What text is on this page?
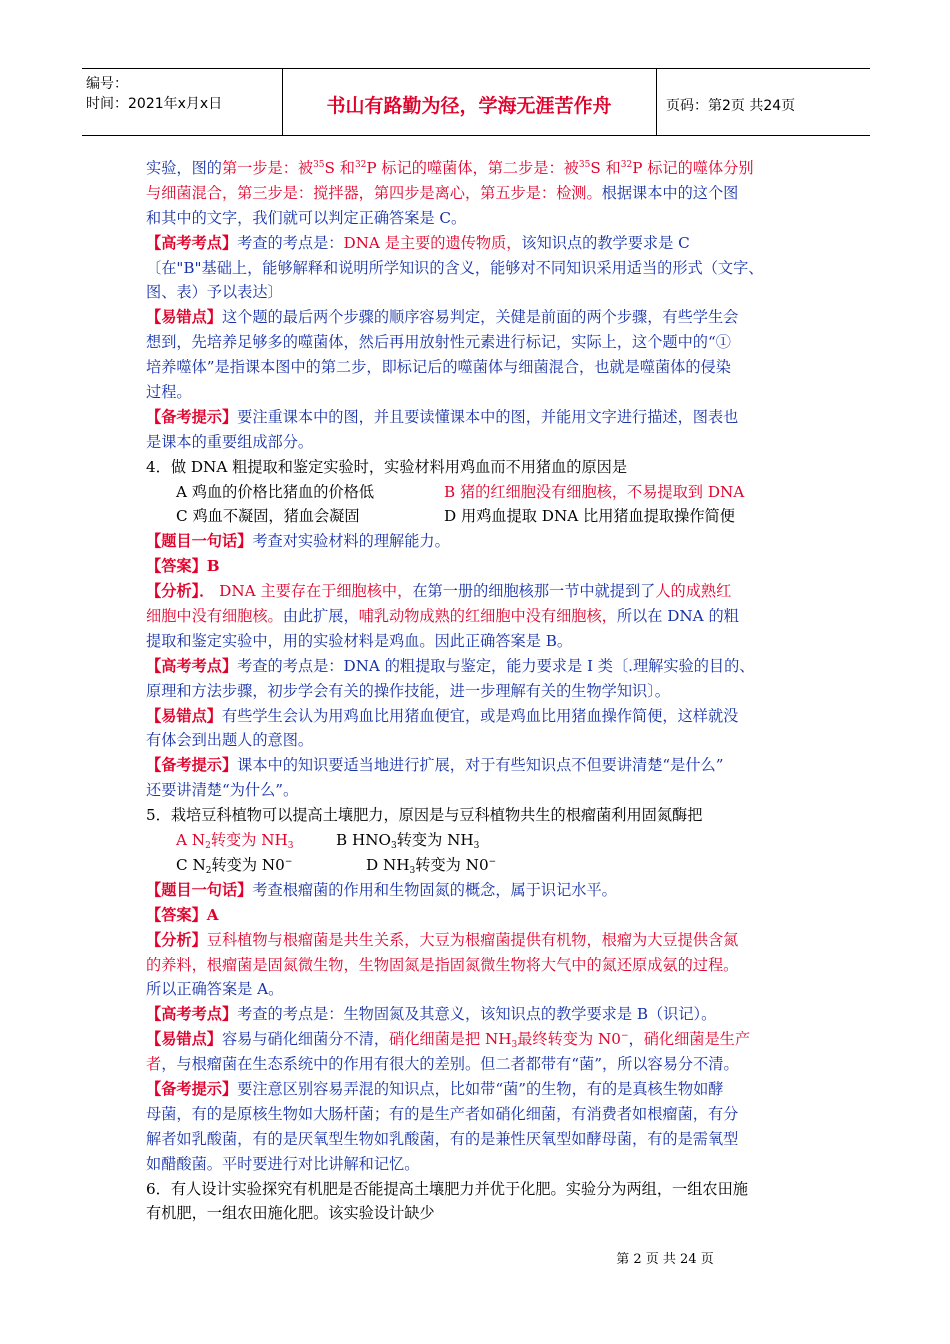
编号：
时间：2021年x月x日	书山有路勤为径，学海无涯苦作舟	页码：第2页 共24页
实验，图的第一步是：被$^{35}$S 和$^{32}$P 标记的噬菌体，第二步是：被$^{35}$S 和$^{32}$P 标记的噬体分别
与细菌混合，第三步是：搅拌器，第四步是离心，第五步是：检测。根据课本中的这个图
和其中的文字，我们就可以判定正确答案是 C。
【高考考点】考查的考点是：DNA 是主要的遗传物质，该知识点的教学要求是 C
〔在"B"基础上，能够解释和说明所学知识的含义，能够对不同知识采用适当的形式（文字、
图、表）予以表达〕
【易错点】这个题的最后两个步骤的顺序容易判定，关健是前面的两个步骤，有些学生会
想到，先培养足够多的噬菌体，然后再用放射性元素进行标记，实际上，这个题中的“①
培养噬体”是指课本图中的第二步，即标记后的噬菌体与细菌混合，也就是噬菌体的侵染
过程。
【备考提示】要注重课本中的图，并且要读懂课本中的图，并能用文字进行描述，图表也
是课本的重要组成部分。
4．做 DNA 粗提取和鉴定实验时，实验材料用鸡血而不用猪血的原因是
A 鸡血的价格比猪血的价格低	B 猪的红细胞没有细胞核，不易提取到 DNA
C 鸡血不凝固，猪血会凝固	D 用鸡血提取 DNA 比用猪血提取操作简便
【题目一句话】考查对实验材料的理解能力。
【答案】B
【分析】． DNA 主要存在于细胞核中，在第一册的细胞核那一节中就提到了人的成熟红
细胞中没有细胞核。由此扩展，哺乳动物成熟的红细胞中没有细胞核，所以在 DNA 的粗
提取和鉴定实验中，用的实验材料是鸡血。因此正确答案是 B。
【高考考点】考查的考点是：DNA 的粗提取与鉴定，能力要求是 I 类〔.理解实验的目的、
原理和方法步骤，初步学会有关的操作技能，进一步理解有关的生物学知识〕。
【易错点】有些学生会认为用鸡血比用猪血便宜，或是鸡血比用猪血操作简便，这样就没
有体会到出题人的意图。
【备考提示】课本中的知识要适当地进行扩展，对于有些知识点不但要讲清楚“是什么”
还要讲清楚“为什么”。
5．栽培豆科植物可以提高土壤肥力，原因是与豆科植物共生的根瘤菌利用固氮酶把
A $N_2$转变为 $NH_3$	B $HNO_3$转变为 $NH_3$
C $N_2$转变为 N0−	D $NH_3$转变为 N0−
【题目一句话】考查根瘤菌的作用和生物固氮的概念，属于识记水平。
【答案】A
【分析】豆科植物与根瘤菌是共生关系，大豆为根瘤菌提供有机物，根瘤为大豆提供含氮
的养料，根瘤菌是固氮微生物，生物固氮是指固氮微生物将大气中的氮还原成氨的过程。
所以正确答案是 A。
【高考考点】考查的考点是：生物固氮及其意义，该知识点的教学要求是 B（识记）。
【易错点】容易与硝化细菌分不清，硝化细菌是把 $NH_3$最终转变为 N0−，硝化细菌是生产
者，与根瘤菌在生态系统中的作用有很大的差别。但二者都带有“菌”，所以容易分不清。
【备考提示】要注意区别容易弄混的知识点，比如带“菌”的生物，有的是真核生物如酵
母菌，有的是原核生物如大肠杆菌；有的是生产者如硝化细菌，有消费者如根瘤菌，有分
解者如乳酸菌，有的是厌氧型生物如乳酸菌，有的是兼性厌氧型如酵母菌，有的是需氧型
如醋酸菌。平时要进行对比讲解和记忆。
6．有人设计实验探究有机肥是否能提高土壤肥力并优于化肥。实验分为两组，一组农田施
有机肥，一组农田施化肥。该实验设计缺少
第 2 页 共 24 页
